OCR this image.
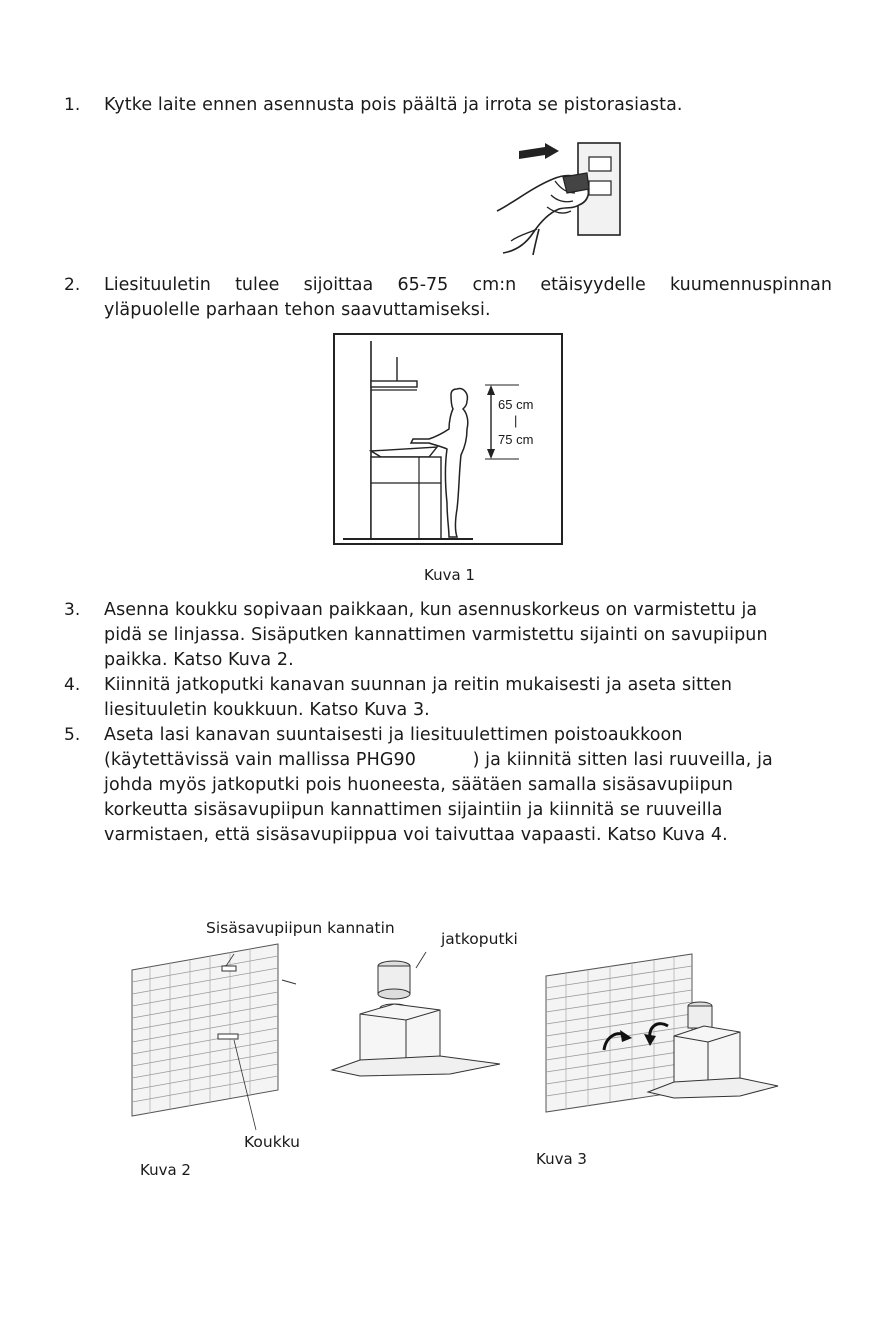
1. Kytke laite ennen asennusta pois päältä ja irrota se pistorasiasta.
2. Liesituuletin tulee sijoittaa 65-75 cm:n etäisyydelle kuumennuspinnan
yläpuolelle parhaan tehon saavuttamiseksi.
65 cm
|
75 cm
Kuva 1
3. Asenna koukku sopivaan paikkaan, kun asennuskorkeus on varmistettu ja
pidä se linjassa. Sisäputken kannattimen varmistettu sijainti on savupiipun
paikka. Katso Kuva 2.
4. Kiinnitä jatkoputki kanavan suunnan ja reitin mukaisesti ja aseta sitten
liesituuletin koukkuun. Katso Kuva 3.
5. Aseta lasi kanavan suuntaisesti ja liesituulettimen poistoaukkoon
(käytettävissä vain mallissa PHG90          ) ja kiinnitä sitten lasi ruuveilla, ja
johda myös jatkoputki pois huoneesta, säätäen samalla sisäsavupiipun
korkeutta sisäsavupiipun kannattimen sijaintiin ja kiinnitä se ruuveilla
varmistaen, että sisäsavupiippua voi taivuttaa vapaasti. Katso Kuva 4.
Sisäsavupiipun kannatin
Koukku
Kuva 2
jatkoputki
Kuva 3
